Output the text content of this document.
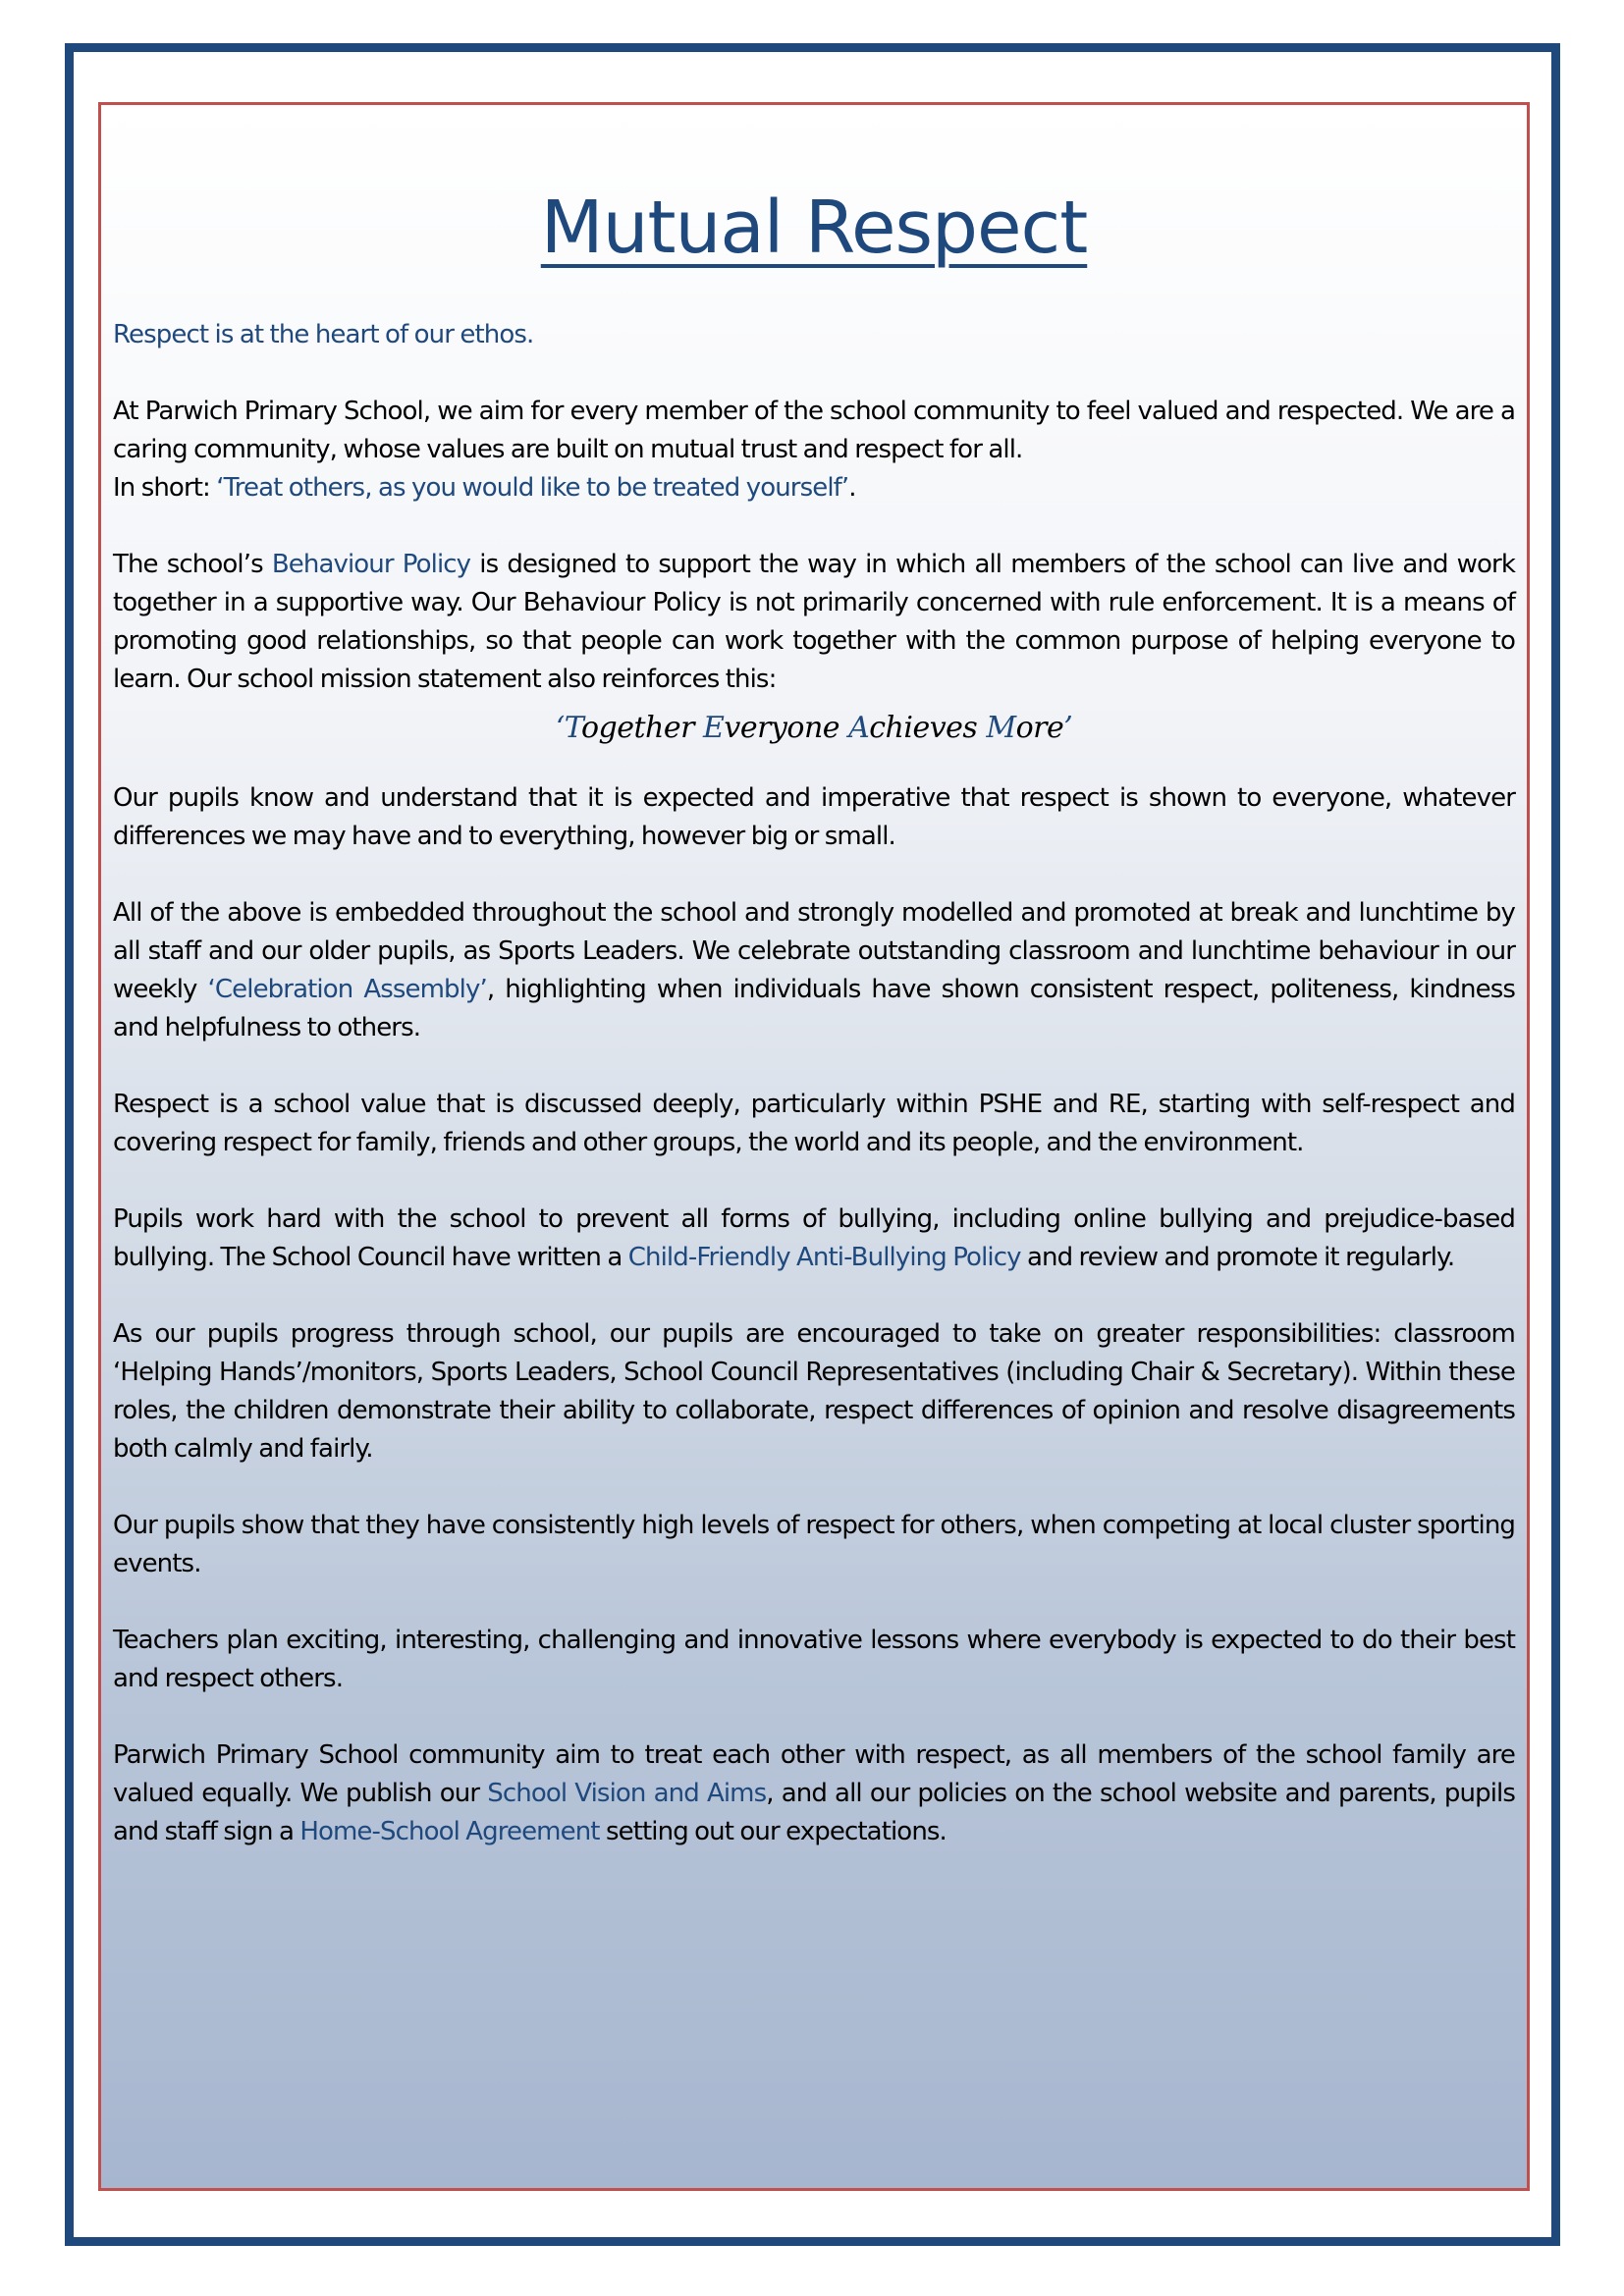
Mutual Respect

Respect is at the heart of our ethos.

At Parwich Primary School, we aim for every member of the school community to feel valued and respected. We are a caring community, whose values are built on mutual trust and respect for all.
In short: ‘Treat others, as you would like to be treated yourself’.

The school’s Behaviour Policy is designed to support the way in which all members of the school can live and work together in a supportive way. Our Behaviour Policy is not primarily concerned with rule enforcement. It is a means of promoting good relationships, so that people can work together with the common purpose of helping everyone to learn. Our school mission statement also reinforces this:

‘Together Everyone Achieves More’

Our pupils know and understand that it is expected and imperative that respect is shown to everyone, whatever differences we may have and to everything, however big or small.

All of the above is embedded throughout the school and strongly modelled and promoted at break and lunchtime by all staff and our older pupils, as Sports Leaders. We celebrate outstanding classroom and lunchtime behaviour in our weekly ‘Celebration Assembly’, highlighting when individuals have shown consistent respect, politeness, kindness and helpfulness to others.

Respect is a school value that is discussed deeply, particularly within PSHE and RE, starting with self-respect and covering respect for family, friends and other groups, the world and its people, and the environment.

Pupils work hard with the school to prevent all forms of bullying, including online bullying and prejudice-based bullying. The School Council have written a Child-Friendly Anti-Bullying Policy and review and promote it regularly.

As our pupils progress through school, our pupils are encouraged to take on greater responsibilities: classroom ‘Helping Hands’/monitors, Sports Leaders, School Council Representatives (including Chair & Secretary). Within these roles, the children demonstrate their ability to collaborate, respect differences of opinion and resolve disagreements both calmly and fairly.

Our pupils show that they have consistently high levels of respect for others, when competing at local cluster sporting events.

Teachers plan exciting, interesting, challenging and innovative lessons where everybody is expected to do their best and respect others.

Parwich Primary School community aim to treat each other with respect, as all members of the school family are valued equally. We publish our School Vision and Aims, and all our policies on the school website and parents, pupils and staff sign a Home-School Agreement setting out our expectations.
